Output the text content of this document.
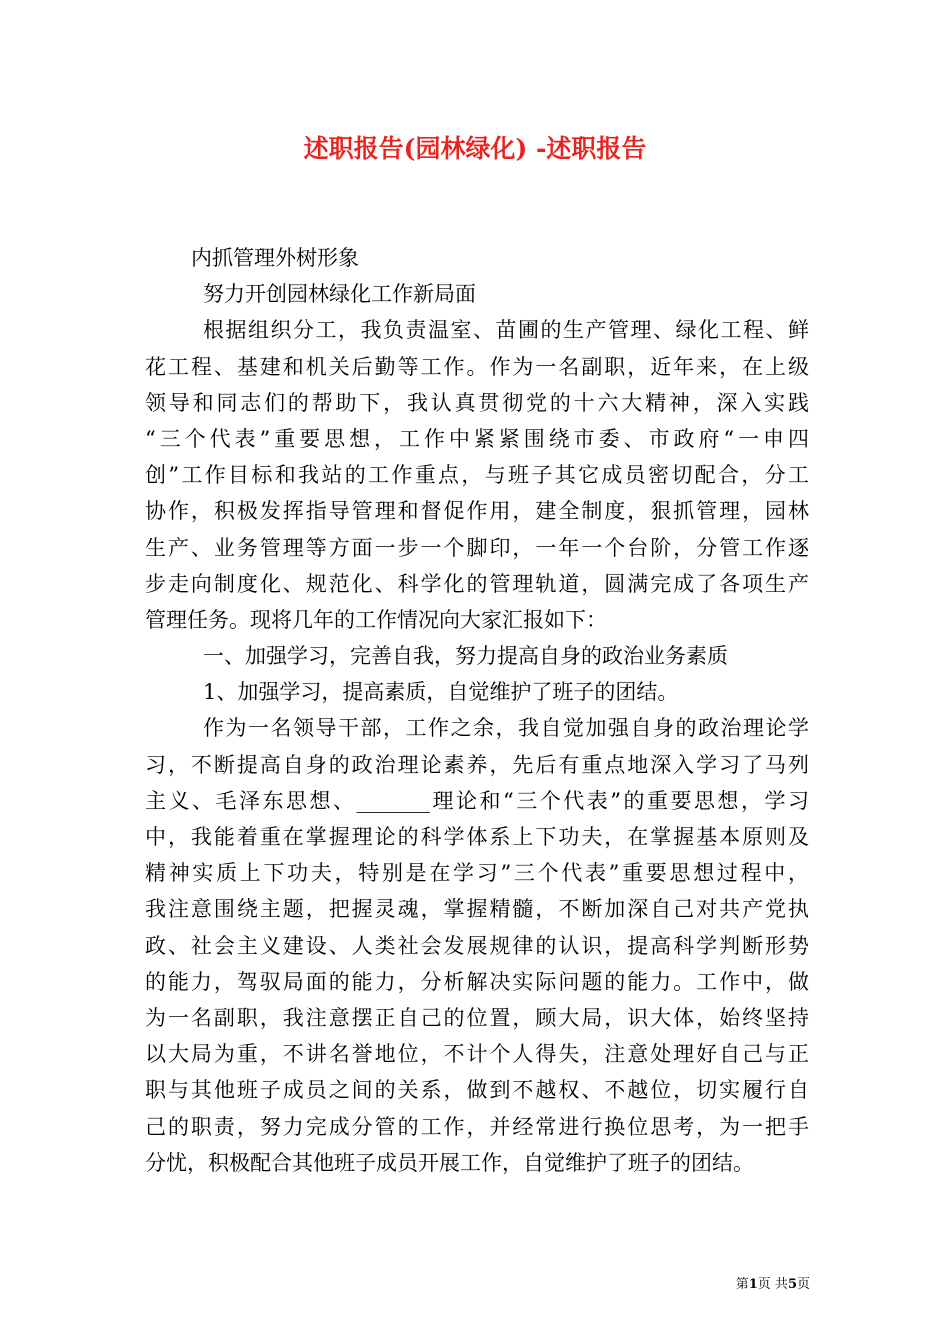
述职报告(园林绿化) -述职报告
内抓管理外树形象
努力开创园林绿化工作新局面
根据组织分工，我负责温室、苗圃的生产管理、绿化工程、鲜
花工程、基建和机关后勤等工作。作为一名副职，近年来，在上级
领导和同志们的帮助下，我认真贯彻党的十六大精神，深入实践
“三个代表”重要思想，工作中紧紧围绕市委、市政府“一申四
创”工作目标和我站的工作重点，与班子其它成员密切配合，分工
协作，积极发挥指导管理和督促作用，建全制度，狠抓管理，园林
生产、业务管理等方面一步一个脚印，一年一个台阶，分管工作逐
步走向制度化、规范化、科学化的管理轨道，圆满完成了各项生产
管理任务。现将几年的工作情况向大家汇报如下：
一、加强学习，完善自我，努力提高自身的政治业务素质
1、加强学习，提高素质，自觉维护了班子的团结。
作为一名领导干部，工作之余，我自觉加强自身的政治理论学
习，不断提高自身的政治理论素养，先后有重点地深入学习了马列
主义、毛泽东思想、_______理论和“三个代表”的重要思想，学习
中，我能着重在掌握理论的科学体系上下功夫，在掌握基本原则及
精神实质上下功夫，特别是在学习”三个代表”重要思想过程中，
我注意围绕主题，把握灵魂，掌握精髓，不断加深自己对共产党执
政、社会主义建设、人类社会发展规律的认识，提高科学判断形势
的能力，驾驭局面的能力，分析解决实际问题的能力。工作中，做
为一名副职，我注意摆正自己的位置，顾大局，识大体，始终坚持
以大局为重，不讲名誉地位，不计个人得失，注意处理好自己与正
职与其他班子成员之间的关系，做到不越权、不越位，切实履行自
己的职责，努力完成分管的工作，并经常进行换位思考，为一把手
分忧，积极配合其他班子成员开展工作，自觉维护了班子的团结。
第1页 共5页
